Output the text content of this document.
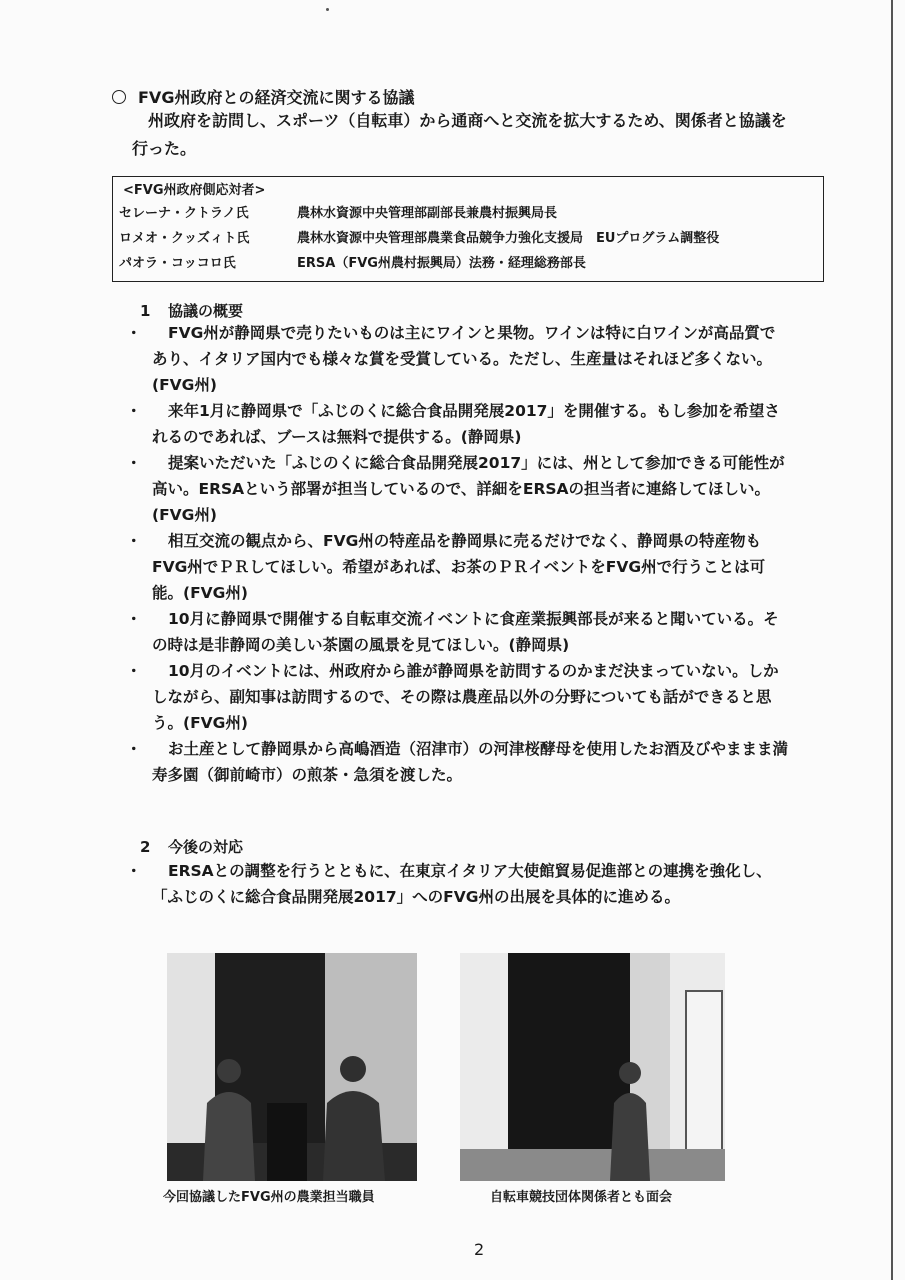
FVG州政府との経済交流に関する協議
州政府を訪問し、スポーツ（自転車）から通商へと交流を拡大するため、関係者と協議を行った。
<FVG州政府側応対者>
セレーナ・クトラノ氏	農林水資源中央管理部副部長兼農村振興局長
ロメオ・クッズィト氏	農林水資源中央管理部農業食品競争力強化支援局　EUプログラム調整役
パオラ・コッコロ氏	ERSA（FVG州農村振興局）法務・経理総務部長
1 協議の概要
・ FVG州が静岡県で売りたいものは主にワインと果物。ワインは特に白ワインが高品質であり、イタリア国内でも様々な賞を受賞している。ただし、生産量はそれほど多くない。(FVG州)
・ 来年1月に静岡県で「ふじのくに総合食品開発展2017」を開催する。もし参加を希望されるのであれば、ブースは無料で提供する。(静岡県)
・ 提案いただいた「ふじのくに総合食品開発展2017」には、州として参加できる可能性が高い。ERSAという部署が担当しているので、詳細をERSAの担当者に連絡してほしい。(FVG州)
・ 相互交流の観点から、FVG州の特産品を静岡県に売るだけでなく、静岡県の特産物もFVG州でＰＲしてほしい。希望があれば、お茶のＰＲイベントをFVG州で行うことは可能。(FVG州)
・ 10月に静岡県で開催する自転車交流イベントに食産業振興部長が来ると聞いている。その時は是非静岡の美しい茶園の風景を見てほしい。(静岡県)
・ 10月のイベントには、州政府から誰が静岡県を訪問するのかまだ決まっていない。しかしながら、副知事は訪問するので、その際は農産品以外の分野についても話ができると思う。(FVG州)
・ お土産として静岡県から高嶋酒造（沼津市）の河津桜酵母を使用したお酒及びやままま満寿多園（御前崎市）の煎茶・急須を渡した。
2 今後の対応
・ ERSAとの調整を行うとともに、在東京イタリア大使館貿易促進部との連携を強化し、「ふじのくに総合食品開発展2017」へのFVG州の出展を具体的に進める。
今回協議したFVG州の農業担当職員	自転車競技団体関係者とも面会
2
